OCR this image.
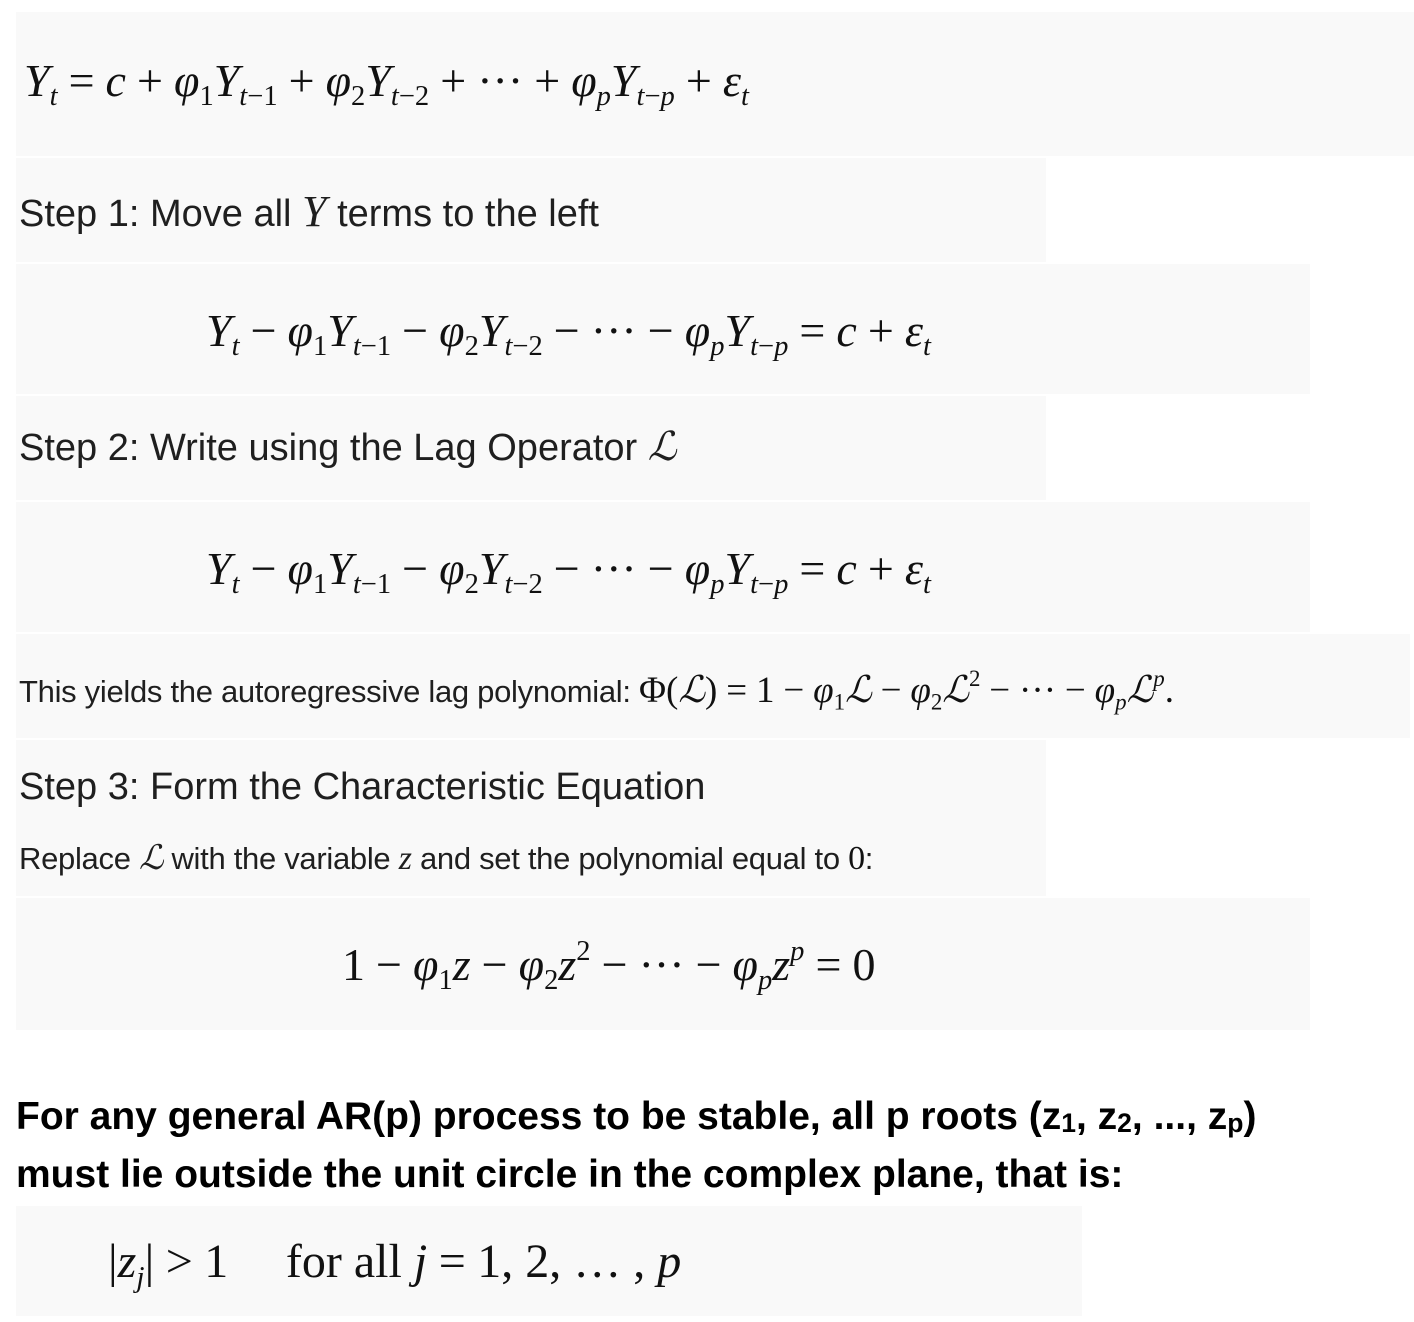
$Y_t = c + \varphi_1Y_{t-1} + \varphi_2Y_{t-2}$ + ··· + $\varphi_pY_{t-p} + \varepsilon_t$
Step 1: Move all Y terms to the left
$Y_t - \varphi_1Y_{t-1} - \varphi_2Y_{t-2}$ − ··· − $\varphi_pY_{t-p} = c + \varepsilon_t$
Step 2: Write using the Lag Operator ℒ
$Y_t - \varphi_1Y_{t-1} - \varphi_2Y_{t-2}$ − ··· − $\varphi_pY_{t-p} = c + \varepsilon_t$
This yields the autoregressive lag polynomial: Φ(ℒ) = $1 - \varphi_1ℒ$ − $\varphi_2ℒ^2$ − ··· − $\varphi_pℒ^p$.
Step 3: Form the Characteristic Equation
Replace ℒ with the variable z and set the polynomial equal to 0:
$1 - \varphi_1z - \varphi_2z^2$ − ··· − $\varphi_pz^p = 0$
For any general AR(p) process to be stable, all p roots ($z_1$, $z_2$, ..., $z_p$)
must lie outside the unit circle in the complex plane, that is:
$|z_j| > 1$ for all j = 1, 2, … , p
